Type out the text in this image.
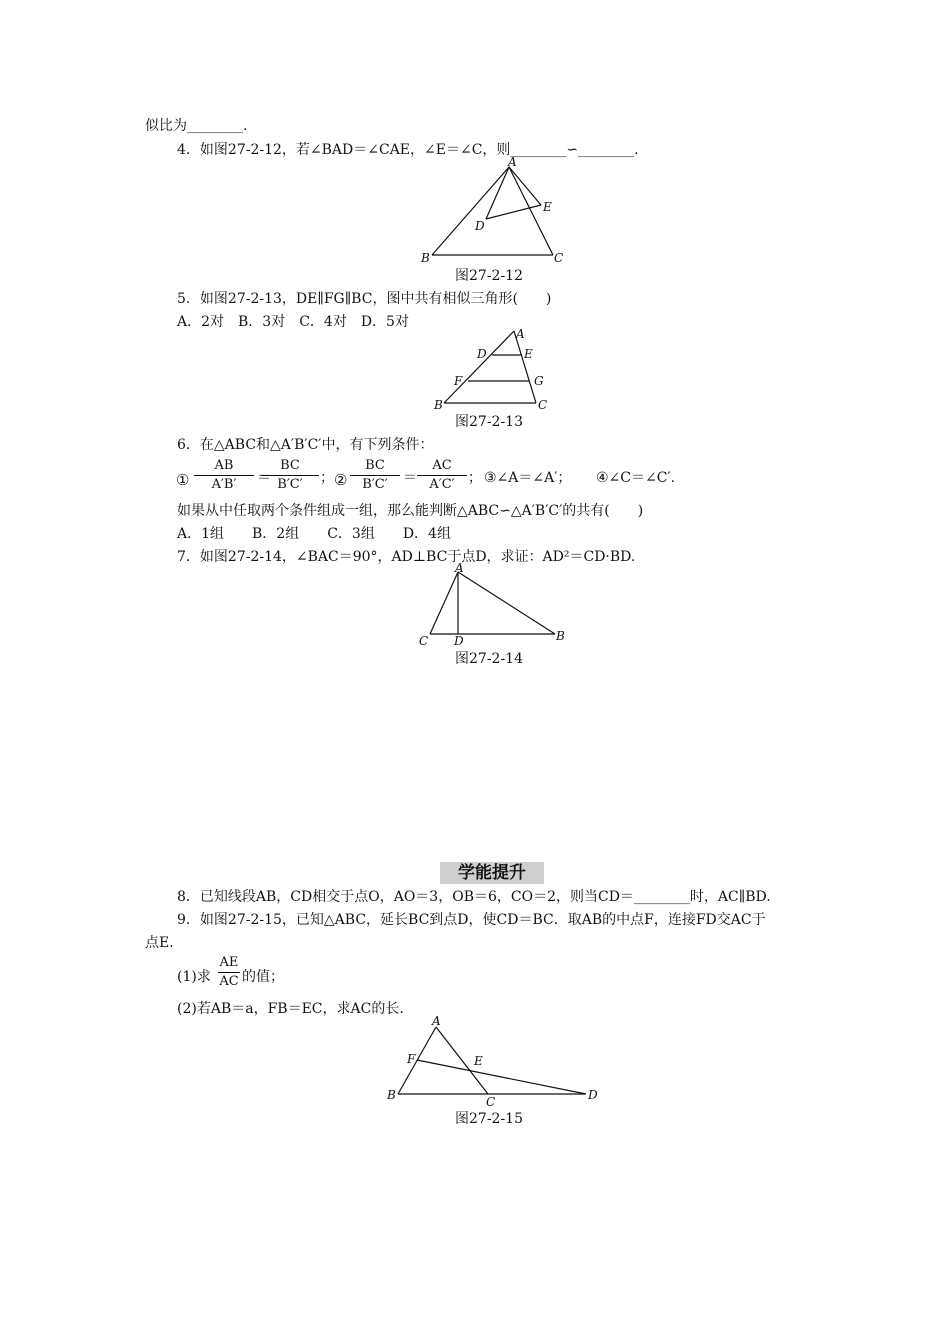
似比为________.
4．如图27-2-12，若∠BAD＝∠CAE，∠E＝∠C，则________∽________.
A
B	C
D
E
图27-2-12
5．如图27-2-13，DE∥FG∥BC，图中共有相似三角形(　　)
A．2对　B．3对　C．4对　D．5对
A
B	C
D	E
F	G
图27-2-13
6．在△ABC和△A′B′C′中，有下列条件：
①
AB
A′B′	＝
BC
B′C′	； ②
BC
B′C′	＝
AC
A′C′ ； ③∠A＝∠A′； ④∠C＝∠C′.
如果从中任取两个条件组成一组，那么能判断△ABC∽△A′B′C′的共有(　　)
A．1组　　B．2组　　C．3组　　D．4组
7．如图27-2-14，∠BAC＝90°，AD⊥BC于点D，求证：AD²＝CD·BD.
A
B
C D
图27-2-14
学能提升
8．已知线段AB，CD相交于点O，AO＝3，OB＝6，CO＝2，则当CD＝________时，AC∥BD.
9．如图27-2-15，已知△ABC，延长BC到点D，使CD＝BC．取AB的中点F，连接FD交AC于
点E.
(1)求
AE
AC 的值；
(2)若AB＝a，FB＝EC，求AC的长.
A
B	C	D
E
F
图27-2-15
